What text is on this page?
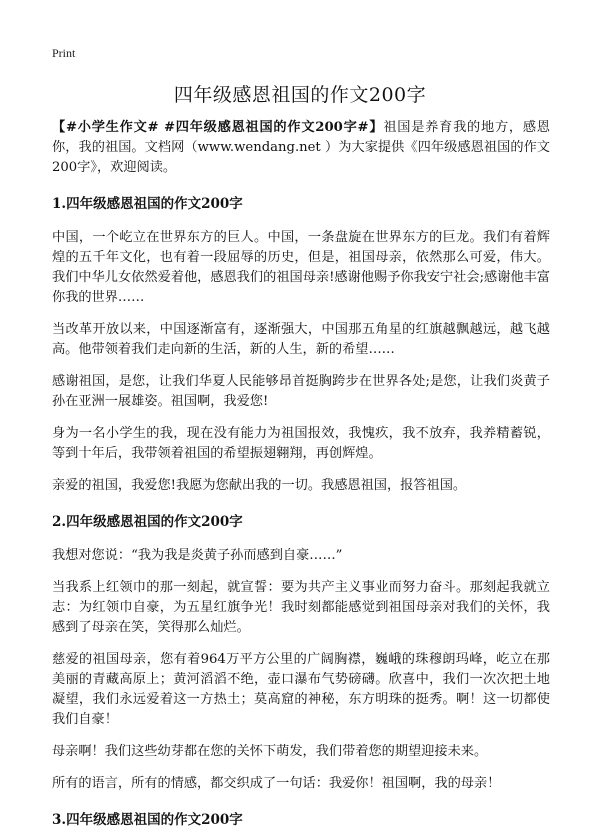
Print
四年级感恩祖国的作文200字

【#小学生作文# #四年级感恩祖国的作文200字#】祖国是养育我的地方，感恩你，我的祖国。文档网（www.wendang.net ）为大家提供《四年级感恩祖国的作文200字》，欢迎阅读。

1.四年级感恩祖国的作文200字

中国，一个屹立在世界东方的巨人。中国，一条盘旋在世界东方的巨龙。我们有着辉煌的五千年文化，也有着一段屈辱的历史，但是，祖国母亲，依然那么可爱，伟大。我们中华儿女依然爱着他，感恩我们的祖国母亲!感谢他赐予你我安宁社会;感谢他丰富你我的世界……

当改革开放以来，中国逐渐富有，逐渐强大，中国那五角星的红旗越飘越远，越飞越高。他带领着我们走向新的生活，新的人生，新的希望……

感谢祖国，是您，让我们华夏人民能够昂首挺胸跨步在世界各处;是您，让我们炎黄子孙在亚洲一展雄姿。祖国啊，我爱您!

身为一名小学生的我，现在没有能力为祖国报效，我愧疚，我不放弃，我养精蓄锐，等到十年后，我带领着祖国的希望振翅翱翔，再创辉煌。

亲爱的祖国，我爱您!我愿为您献出我的一切。我感恩祖国，报答祖国。

2.四年级感恩祖国的作文200字

我想对您说：“我为我是炎黄子孙而感到自豪……”

当我系上红领巾的那一刻起，就宣誓：要为共产主义事业而努力奋斗。那刻起我就立志：为红领巾自豪，为五星红旗争光！我时刻都能感觉到祖国母亲对我们的关怀，我感到了母亲在笑，笑得那么灿烂。

慈爱的祖国母亲，您有着964万平方公里的广阔胸襟，巍峨的珠穆朗玛峰，屹立在那美丽的青藏高原上；黄河滔滔不绝，壶口瀑布气势磅礴。欣喜中，我们一次次把土地凝望，我们永远爱着这一方热土；莫高窟的神秘，东方明珠的挺秀。啊！这一切都使我们自豪！

母亲啊！我们这些幼芽都在您的关怀下萌发，我们带着您的期望迎接未来。

所有的语言，所有的情感，都交织成了一句话：我爱你！祖国啊，我的母亲！

3.四年级感恩祖国的作文200字
